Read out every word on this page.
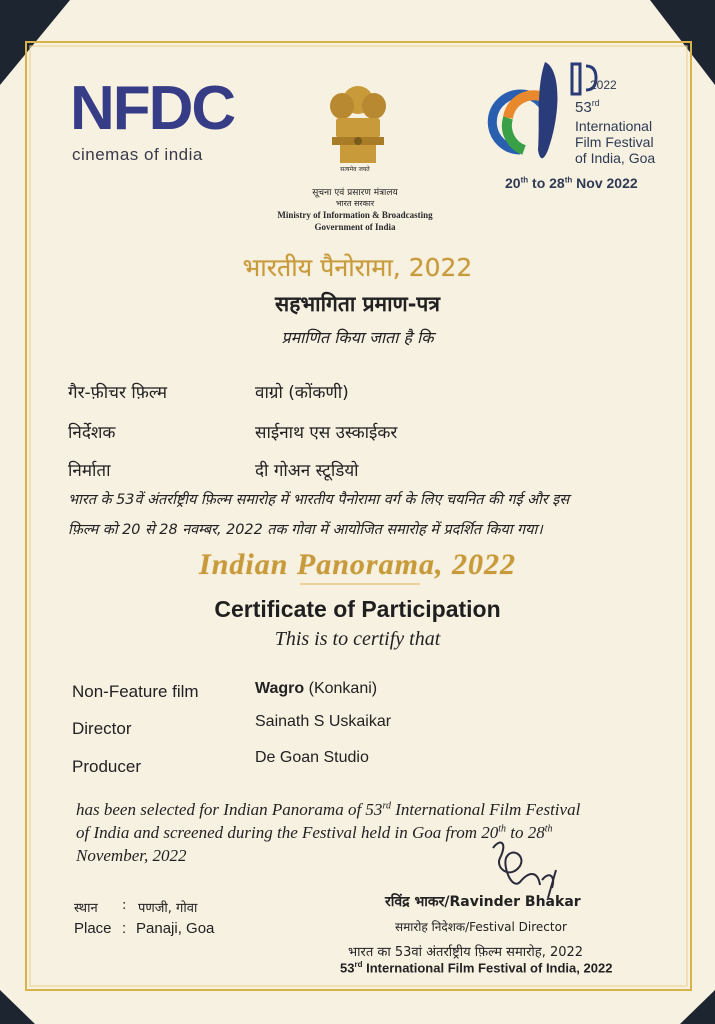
NFDC
cinemas of india
सत्यमेव जयते
सूचना एवं प्रसारण मंत्रालय
भारत सरकार
Ministry of Information & Broadcasting
Government of India
2022
53rd
International
Film Festival
of India, Goa
20th to 28th Nov 2022
भारतीय पैनोरामा, 2022
सहभागिता प्रमाण-पत्र
प्रमाणित किया जाता है कि
गैर-फ़ीचर फ़िल्म	वाग्रो (कोंकणी)
निर्देशक	साईनाथ एस उस्काईकर
निर्माता	दी गोअन स्टूडियो
भारत के 53वें अंतर्राष्ट्रीय फ़िल्म समारोह में भारतीय पैनोरामा वर्ग के लिए चयनित की गई और इस
फ़िल्म को 20 से 28 नवम्बर, 2022 तक गोवा में आयोजित समारोह में प्रदर्शित किया गया।
Indian Panorama, 2022
Certificate of Participation
This is to certify that
Non-Feature film	Wagro (Konkani)
Director	Sainath S Uskaikar
Producer	De Goan Studio
has been selected for Indian Panorama of 53rd International Film Festival
of India and screened during the Festival held in Goa from 20th to 28th
November, 2022
स्थान : पणजी, गोवा
Place : Panaji, Goa
रविंद्र भाकर/Ravinder Bhakar
समारोह निदेशक/Festival Director
भारत का 53वां अंतर्राष्ट्रीय फ़िल्म समारोह, 2022
53rd International Film Festival of India, 2022
